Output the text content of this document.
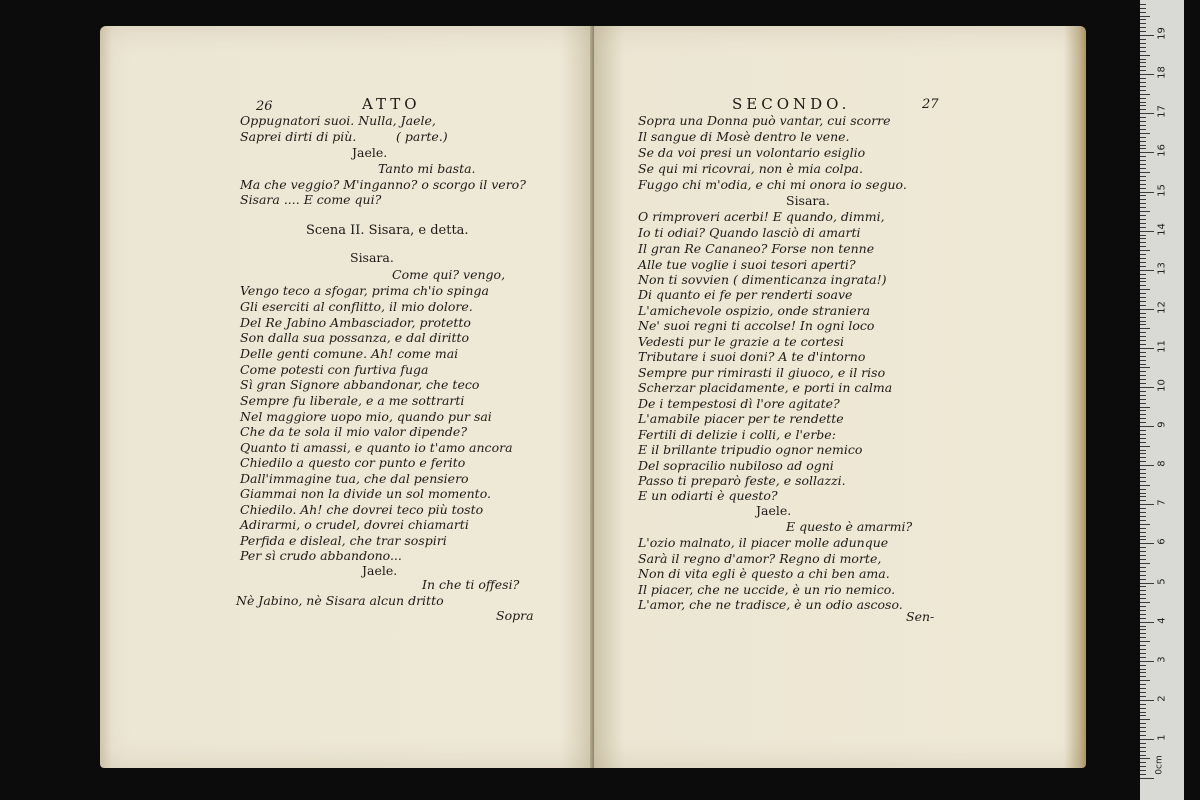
26	ATTO
Oppugnatori suoi. Nulla, Jaele,
Saprei dirti di più.          ( parte.)
Jaele.
Tanto mi basta.
Ma che veggio? M'inganno? o scorgo il vero?
Sisara .... E come qui?
Scena II. Sisara, e detta.
Sisara.
Come qui? vengo,
Vengo teco a sfogar, prima ch'io spinga
Gli eserciti al conflitto, il mio dolore.
Del Re Jabino Ambasciador, protetto
Son dalla sua possanza, e dal diritto
Delle genti comune. Ah! come mai
Come potesti con furtiva fuga
Sì gran Signore abbandonar, che teco
Sempre fu liberale, e a me sottrarti
Nel maggiore uopo mio, quando pur sai
Che da te sola il mio valor dipende?
Quanto ti amassi, e quanto io t'amo ancora
Chiedilo a questo cor punto e ferito
Dall'immagine tua, che dal pensiero
Giammai non la divide un sol momento.
Chiedilo. Ah! che dovrei teco più tosto
Adirarmi, o crudel, dovrei chiamarti
Perfida e disleal, che trar sospiri
Per sì crudo abbandono...
Jaele.
In che ti offesi?
Nè Jabino, nè Sisara alcun dritto
Sopra
SECONDO.	27
Sopra una Donna può vantar, cui scorre
Il sangue di Mosè dentro le vene.
Se da voi presi un volontario esiglio
Se qui mi ricovrai, non è mia colpa.
Fuggo chi m'odia, e chi mi onora io seguo.
Sisara.
O rimproveri acerbi! E quando, dimmi,
Io ti odiai? Quando lasciò di amarti
Il gran Re Cananeo? Forse non tenne
Alle tue voglie i suoi tesori aperti?
Non ti sovvien ( dimenticanza ingrata!)
Di quanto ei fe per renderti soave
L'amichevole ospizio, onde straniera
Ne' suoi regni ti accolse! In ogni loco
Vedesti pur le grazie a te cortesi
Tributare i suoi doni? A te d'intorno
Sempre pur rimirasti il giuoco, e il riso
Scherzar placidamente, e porti in calma
De i tempestosi dì l'ore agitate?
L'amabile piacer per te rendette
Fertili di delizie i colli, e l'erbe:
E il brillante tripudio ognor nemico
Del sopracilio nubiloso ad ogni
Passo ti preparò feste, e sollazzi.
E un odiarti è questo?
Jaele.
E questo è amarmi?
L'ozio malnato, il piacer molle adunque
Sarà il regno d'amor? Regno di morte,
Non di vita egli è questo a chi ben ama.
Il piacer, che ne uccide, è un rio nemico.
L'amor, che ne tradisce, è un odio ascoso.
Sen-
1
2
3
4
5
6
7
8
9
10
11
12
13
14
15
16
17
18
19
0cm
